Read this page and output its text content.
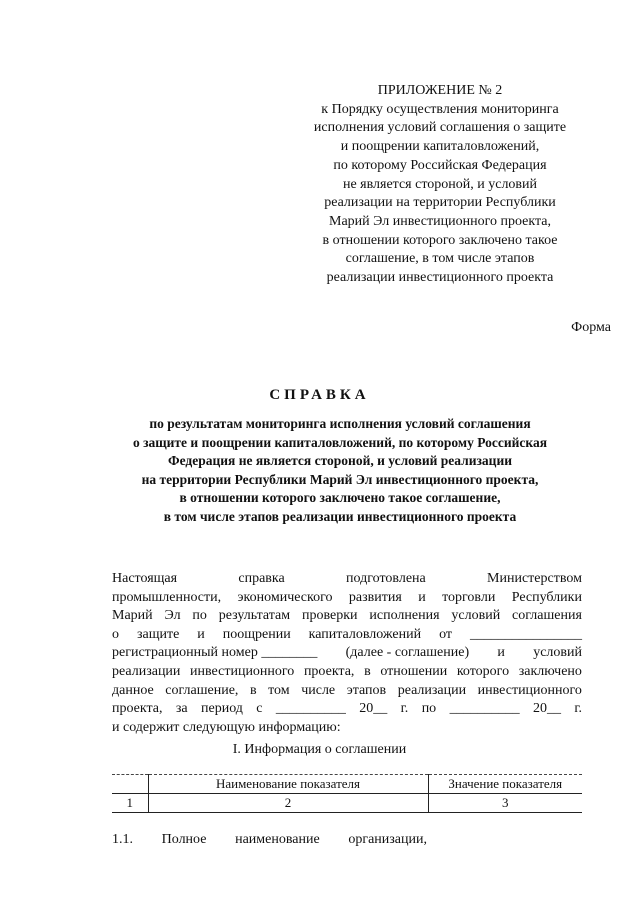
ПРИЛОЖЕНИЕ № 2
к Порядку осуществления мониторинга
исполнения условий соглашения о защите
и поощрении капиталовложений,
по которому Российская Федерация
не является стороной, и условий
реализации на территории Республики
Марий Эл инвестиционного проекта,
в отношении которого заключено такое
соглашение, в том числе этапов
реализации инвестиционного проекта
Форма
СПРАВКА
по результатам мониторинга исполнения условий соглашения
о защите и поощрении капиталовложений, по которому Российская
Федерация не является стороной, и условий реализации
на территории Республики Марий Эл инвестиционного проекта,
в отношении которого заключено такое соглашение,
в том числе этапов реализации инвестиционного проекта
Настоящая	справка	подготовлена	Министерством
промышленности, экономического развития и торговли Республики
Марий Эл по результатам проверки исполнения условий соглашения
о защите и поощрении капиталовложений от ________________
регистрационный номер ________ (далее - соглашение) и условий
реализации инвестиционного проекта, в отношении которого заключено
данное соглашение, в том числе этапов реализации инвестиционного
проекта, за период с __________ 20__ г. по __________ 20__ г.
и содержит следующую информацию:
I. Информация о соглашении
	Наименование показателя	Значение показателя
1	2	3
1.1. Полное наименование организации,
